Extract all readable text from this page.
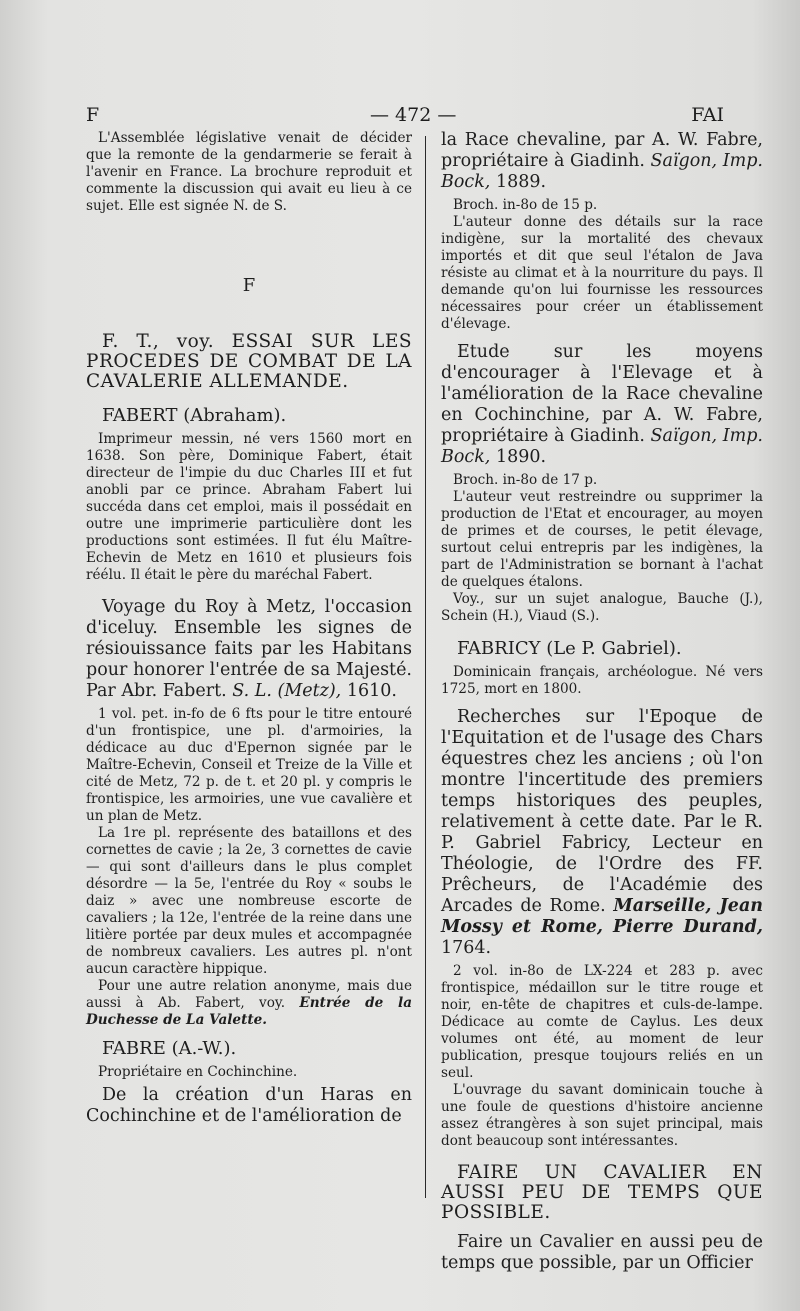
F	— 472 —	FAI

L'Assemblée législative venait de décider que la remonte de la gendarmerie se ferait à l'avenir en France. La brochure reproduit et commente la discussion qui avait eu lieu à ce sujet. Elle est signée N. de S.

F

F. T., voy. ESSAI SUR LES PROCEDES DE COMBAT DE LA CAVALERIE ALLEMANDE.

FABERT (Abraham).

Imprimeur messin, né vers 1560 mort en 1638. Son père, Dominique Fabert, était directeur de l'impie du duc Charles III et fut anobli par ce prince. Abraham Fabert lui succéda dans cet emploi, mais il possédait en outre une imprimerie particulière dont les productions sont estimées. Il fut élu Maître-Echevin de Metz en 1610 et plusieurs fois réélu. Il était le père du maréchal Fabert.

Voyage du Roy à Metz, l'occasion d'iceluy. Ensemble les signes de résiouissance faits par les Habitans pour honorer l'entrée de sa Majesté. Par Abr. Fabert. S. L. (Metz), 1610.

1 vol. pet. in-fo de 6 fts pour le titre entouré d'un frontispice, une pl. d'armoiries, la dédicace au duc d'Epernon signée par le Maître-Echevin, Conseil et Treize de la Ville et cité de Metz, 72 p. de t. et 20 pl. y compris le frontispice, les armoiries, une vue cavalière et un plan de Metz.

La 1re pl. représente des bataillons et des cornettes de cavie ; la 2e, 3 cornettes de cavie — qui sont d'ailleurs dans le plus complet désordre — la 5e, l'entrée du Roy « soubs le daiz » avec une nombreuse escorte de cavaliers ; la 12e, l'entrée de la reine dans une litière portée par deux mules et accompagnée de nombreux cavaliers. Les autres pl. n'ont aucun caractère hippique.

Pour une autre relation anonyme, mais due aussi à Ab. Fabert, voy. Entrée de la Duchesse de La Valette.

FABRE (A.-W.).

Propriétaire en Cochinchine.

De la création d'un Haras en Cochinchine et de l'amélioration de

la Race chevaline, par A. W. Fabre, propriétaire à Giadinh. Saïgon, Imp. Bock, 1889.

Broch. in-8o de 15 p.

L'auteur donne des détails sur la race indigène, sur la mortalité des chevaux importés et dit que seul l'étalon de Java résiste au climat et à la nourriture du pays. Il demande qu'on lui fournisse les ressources nécessaires pour créer un établissement d'élevage.

Etude sur les moyens d'encourager à l'Elevage et à l'amélioration de la Race chevaline en Cochinchine, par A. W. Fabre, propriétaire à Giadinh. Saïgon, Imp. Bock, 1890.

Broch. in-8o de 17 p.

L'auteur veut restreindre ou supprimer la production de l'Etat et encourager, au moyen de primes et de courses, le petit élevage, surtout celui entrepris par les indigènes, la part de l'Administration se bornant à l'achat de quelques étalons.

Voy., sur un sujet analogue, Bauche (J.), Schein (H.), Viaud (S.).

FABRICY (Le P. Gabriel).

Dominicain français, archéologue. Né vers 1725, mort en 1800.

Recherches sur l'Epoque de l'Equitation et de l'usage des Chars équestres chez les anciens ; où l'on montre l'incertitude des premiers temps historiques des peuples, relativement à cette date. Par le R. P. Gabriel Fabricy, Lecteur en Théologie, de l'Ordre des FF. Prêcheurs, de l'Académie des Arcades de Rome. Marseille, Jean Mossy et Rome, Pierre Durand, 1764.

2 vol. in-8o de LX-224 et 283 p. avec frontispice, médaillon sur le titre rouge et noir, en-tête de chapitres et culs-de-lampe. Dédicace au comte de Caylus. Les deux volumes ont été, au moment de leur publication, presque toujours reliés en un seul.

L'ouvrage du savant dominicain touche à une foule de questions d'histoire ancienne assez étrangères à son sujet principal, mais dont beaucoup sont intéressantes.

FAIRE UN CAVALIER EN AUSSI PEU DE TEMPS QUE POSSIBLE.

Faire un Cavalier en aussi peu de temps que possible, par un Officier
